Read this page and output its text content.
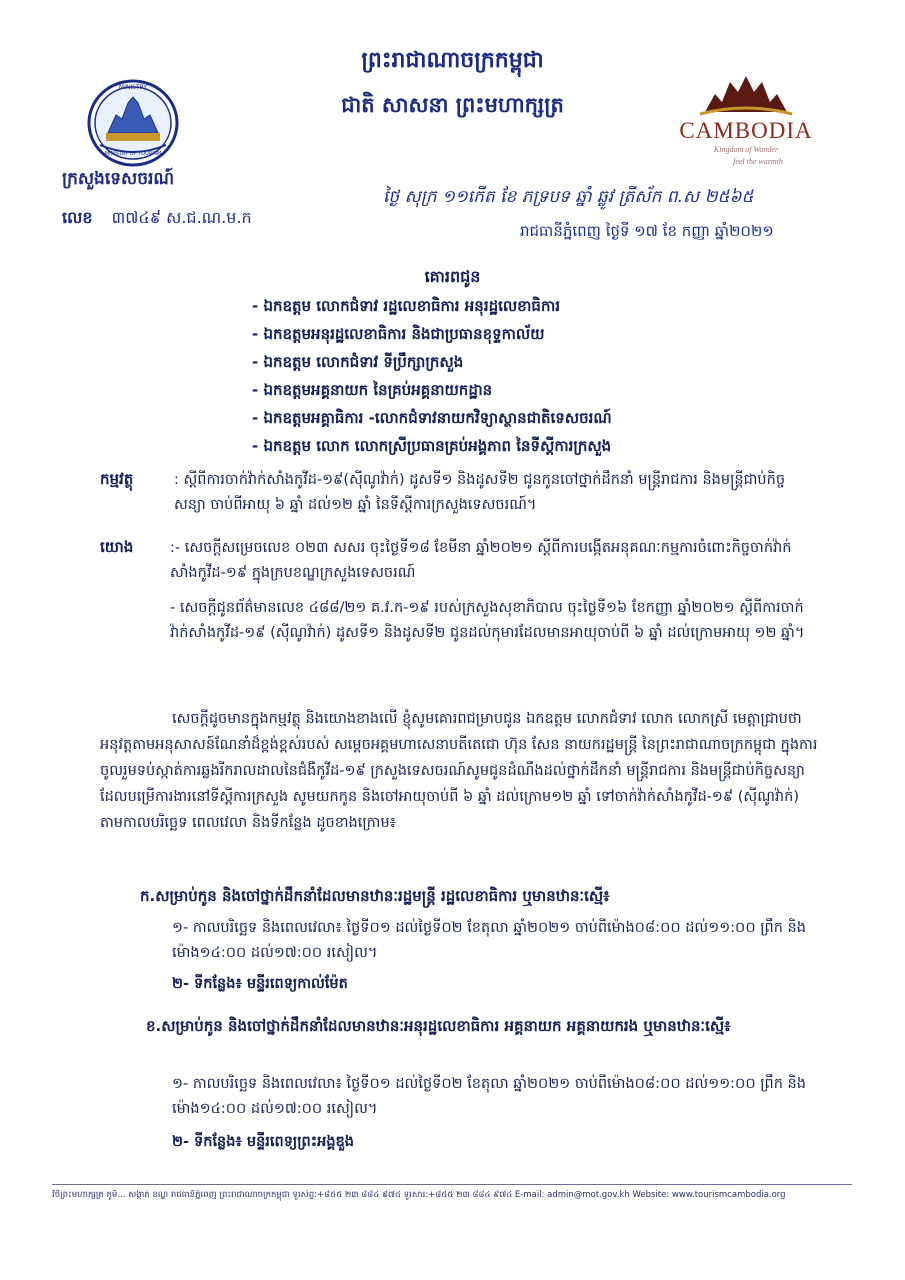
ព្រះរាជាណាចក្រកម្ពុជា
ជាតិ សាសនា ព្រះមហាក្សត្រ
MINISTRY
MINISTRY OF TOURISM
CAMBODIA
Kingdom of Wonder
feel the warmth
ក្រសួងទេសចរណ៍
លេខ ៣៧៤៩ ស.ជ.ណ.ម.ក
ថ្ងៃ សុក្រ ១១កើត ខែ ភទ្របទ ឆ្នាំ ឆ្លូវ ត្រីស័ក ព.ស ២៥៦៥
រាជធានីភ្នំពេញ ថ្ងៃទី ១៧ ខែ កញ្ញា ឆ្នាំ២០២១
គោរពជូន
- ឯកឧត្តម លោកជំទាវ រដ្ឋលេខាធិការ អនុរដ្ឋលេខាធិការ
- ឯកឧត្តមអនុរដ្ឋលេខាធិការ និងជាប្រធានខុទ្ទកាល័យ
- ឯកឧត្តម លោកជំទាវ ទីប្រឹក្សាក្រសួង
- ឯកឧត្តមអគ្គនាយក នៃគ្រប់អគ្គនាយកដ្ឋាន
- ឯកឧត្តមអគ្គាធិការ -លោកជំទាវនាយកវិទ្យាស្ថានជាតិទេសចរណ៍
- ឯកឧត្តម លោក លោកស្រីប្រធានគ្រប់អង្គភាព នៃទីស្តីការក្រសួង
កម្មវត្ថុ	: ស្តីពីការចាក់វ៉ាក់សាំងកូវីដ-១៩(ស៊ីណូវ៉ាក់) ដូសទី១ និងដូសទី២ ជូនកូនចៅថ្នាក់ដឹកនាំ មន្ត្រីរាជការ និងមន្ត្រីជាប់កិច្ចសន្យា ចាប់ពីអាយុ ៦ ឆ្នាំ ដល់១២ ឆ្នាំ នៃទីស្តីការក្រសួងទេសចរណ៍។
យោង	:- សេចក្តីសម្រេចលេខ ០២៣ សសរ ចុះថ្ងៃទី១៨ ខែមីនា ឆ្នាំ២០២១ ស្តីពីការបង្កើតអនុគណៈកម្មការចំពោះកិច្ចចាក់វ៉ាក់សាំងកូវីដ-១៩ ក្នុងក្របខណ្ឌក្រសួងទេសចរណ៍
- សេចក្តីជូនព័ត៌មានលេខ ៤៨៨/២១ គ.វ.ក-១៩ របស់ក្រសួងសុខាភិបាល ចុះថ្ងៃទី១៦ ខែកញ្ញា ឆ្នាំ២០២១ ស្តីពីការចាក់វ៉ាក់សាំងកូវីដ-១៩ (ស៊ីណូវ៉ាក់) ដូសទី១ និងដូសទី២ ជូនដល់កុមារដែលមានអាយុចាប់ពី ៦ ឆ្នាំ ដល់ក្រោមអាយុ ១២ ឆ្នាំ។
សេចក្តីដូចមានក្នុងកម្មវត្ថុ និងយោងខាងលើ ខ្ញុំសូមគោរពជម្រាបជូន ឯកឧត្តម លោកជំទាវ លោក លោកស្រី មេត្តាជ្រាបថា អនុវត្តតាមអនុសាសន៍ណែនាំដ៏ខ្ពង់ខ្ពស់របស់ សម្តេចអគ្គមហាសេនាបតីតេជោ ហ៊ុន សែន នាយករដ្ឋមន្ត្រី នៃព្រះរាជាណាចក្រកម្ពុជា ក្នុងការចូលរួមទប់ស្កាត់ការឆ្លងរីករាលដាលនៃជំងឺកូវីដ-១៩ ក្រសួងទេសចរណ៍សូមជូនដំណឹងដល់ថ្នាក់ដឹកនាំ មន្ត្រីរាជការ និងមន្ត្រីជាប់កិច្ចសន្យា ដែលបម្រើការងារនៅទីស្តីការក្រសួង សូមយកកូន និងចៅអាយុចាប់ពី ៦ ឆ្នាំ ដល់ក្រោម១២ ឆ្នាំ ទៅចាក់វ៉ាក់សាំងកូវីដ-១៩ (ស៊ីណូវ៉ាក់) តាមកាលបរិច្ឆេទ ពេលវេលា និងទីកន្លែង ដូចខាងក្រោម៖
ក.សម្រាប់កូន និងចៅថ្នាក់ដឹកនាំដែលមានឋានៈរដ្ឋមន្ត្រី រដ្ឋលេខាធិការ ឬមានឋានៈស្មើ៖
១- កាលបរិច្ឆេទ និងពេលវេលា៖ ថ្ងៃទី០១ ដល់ថ្ងៃទី០២ ខែតុលា ឆ្នាំ២០២១ ចាប់ពីម៉ោង០៨:០០ ដល់១១:០០ ព្រឹក និងម៉ោង១៤:០០ ដល់១៧:០០ រសៀល។
២- ទីកន្លែង៖ មន្ទីរពេទ្យកាល់ម៉ែត
ខ.សម្រាប់កូន និងចៅថ្នាក់ដឹកនាំដែលមានឋានៈអនុរដ្ឋលេខាធិការ អគ្គនាយក អគ្គនាយករង ឬមានឋានៈស្មើ៖
១- កាលបរិច្ឆេទ និងពេលវេលា៖ ថ្ងៃទី០១ ដល់ថ្ងៃទី០២ ខែតុលា ឆ្នាំ២០២១ ចាប់ពីម៉ោង០៨:០០ ដល់១១:០០ ព្រឹក និងម៉ោង១៤:០០ ដល់១៧:០០ រសៀល។
២- ទីកន្លែង៖ មន្ទីរពេទ្យព្រះអង្គឌួង
វិថីព្រះមហាក្សត្រ ភូមិ... សង្កាត់ ខណ្ឌ រាជធានីភ្នំពេញ ព្រះរាជាណាចក្រកម្ពុជា ទូរស័ព្ទ:+៨៥៥ ២៣ ៨៨៤ ៩៧៤ ទូរសារ:+៨៥៥ ២៣ ៨៨៤ ៩៧៤ E-mail: admin@mot.gov.kh Website: www.tourismcambodia.org
